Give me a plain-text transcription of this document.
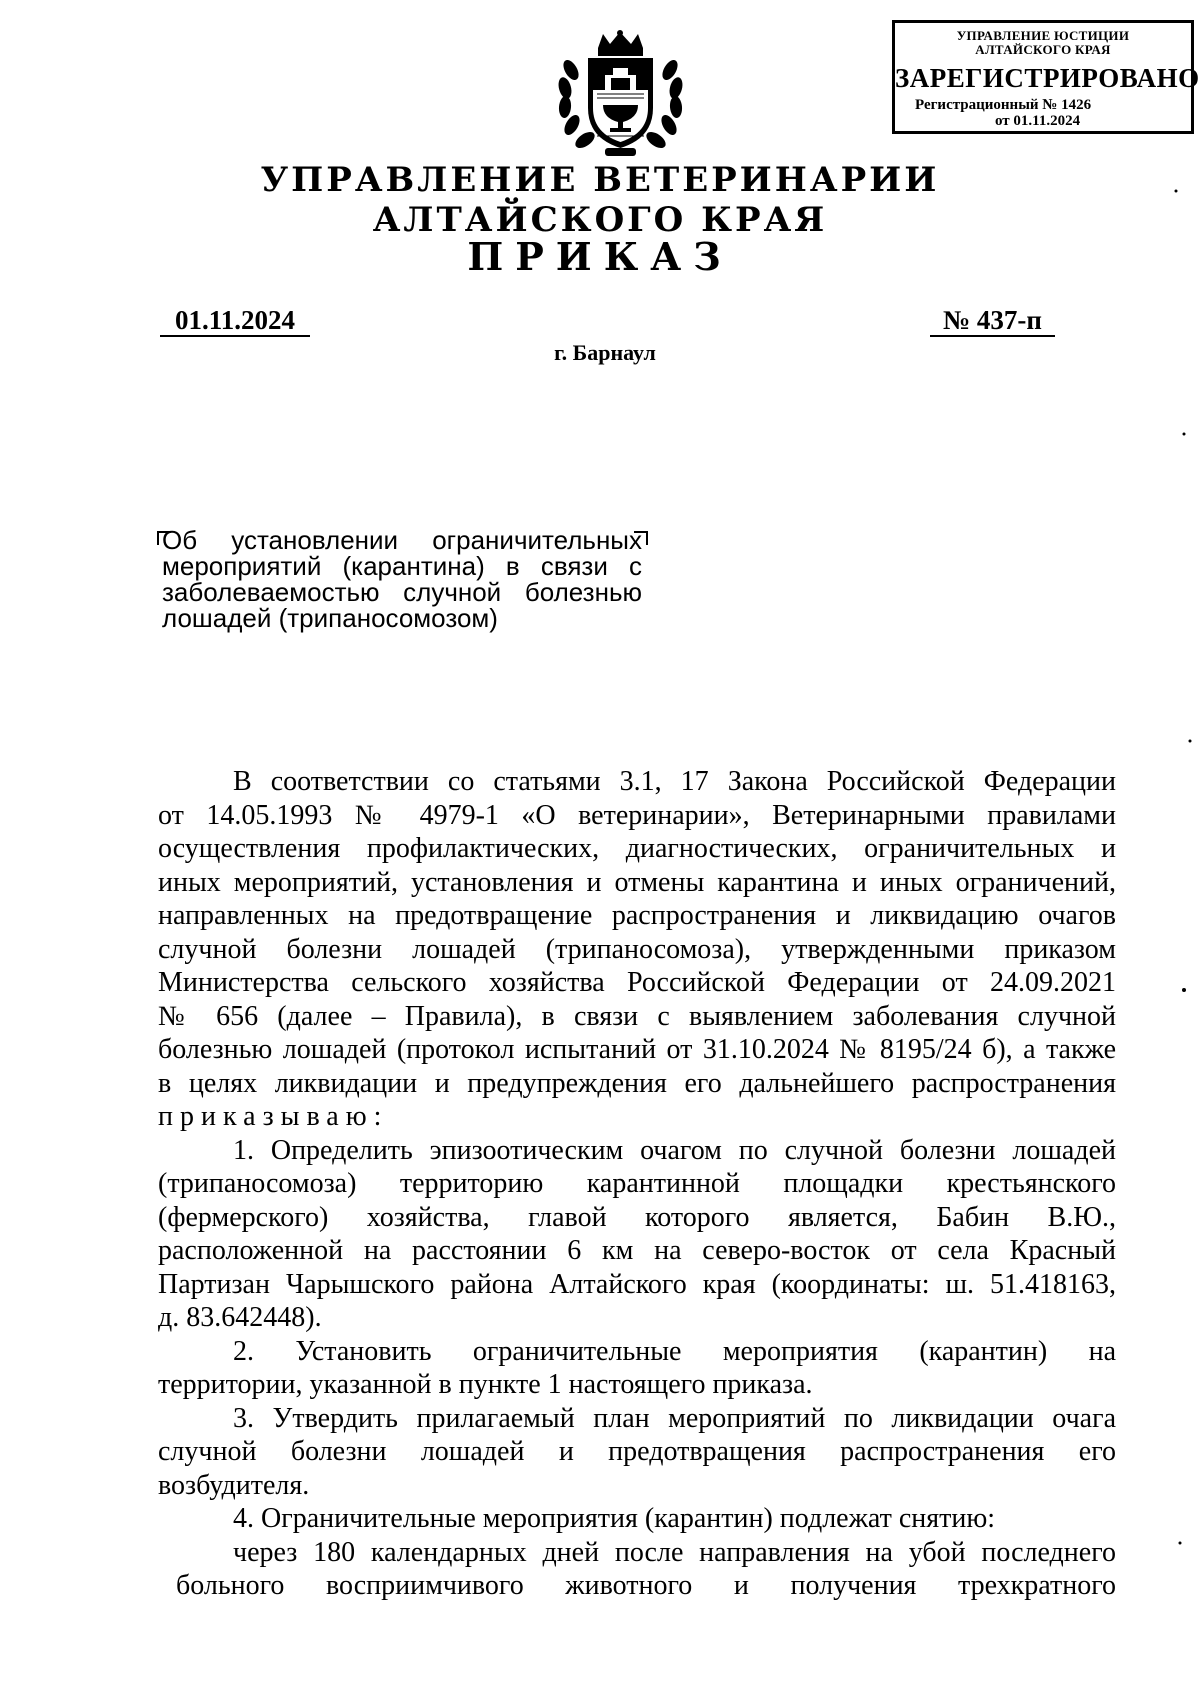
УПРАВЛЕНИЕ ЮСТИЦИИ
АЛТАЙСКОГО КРАЯ
ЗАРЕГИСТРИРОВАНО
Регистрационный № 1426
от 01.11.2024
УПРАВЛЕНИЕ ВЕТЕРИНАРИИ АЛТАЙСКОГО КРАЯ
ПРИКАЗ
01.11.2024	№ 437-п
г. Барнаул
Об установлении ограничительных
мероприятий (карантина) в связи с
заболеваемостью случной болезнью
лошадей (трипаносомозом)
В соответствии со статьями 3.1, 17 Закона Российской Федерации
от 14.05.1993 № 4979-1 «О ветеринарии», Ветеринарными правилами
осуществления профилактических, диагностических, ограничительных и
иных мероприятий, установления и отмены карантина и иных ограничений,
направленных на предотвращение распространения и ликвидацию очагов
случной болезни лошадей (трипаносомоза), утвержденными приказом
Министерства сельского хозяйства Российской Федерации от 24.09.2021
№ 656 (далее – Правила), в связи с выявлением заболевания случной
болезнью лошадей (протокол испытаний от 31.10.2024 № 8195/24 б), а также
в целях ликвидации и предупреждения его дальнейшего распространения
приказываю:
1. Определить эпизоотическим очагом по случной болезни лошадей
(трипаносомоза) территорию карантинной площадки крестьянского
(фермерского) хозяйства, главой которого является, Бабин В.Ю.,
расположенной на расстоянии 6 км на северо-восток от села Красный
Партизан Чарышского района Алтайского края (координаты: ш. 51.418163,
д. 83.642448).
2. Установить ограничительные мероприятия (карантин) на
территории, указанной в пункте 1 настоящего приказа.
3. Утвердить прилагаемый план мероприятий по ликвидации очага
случной болезни лошадей и предотвращения распространения его
возбудителя.
4. Ограничительные мероприятия (карантин) подлежат снятию:
через 180 календарных дней после направления на убой последнего
больного восприимчивого животного и получения трехкратного
